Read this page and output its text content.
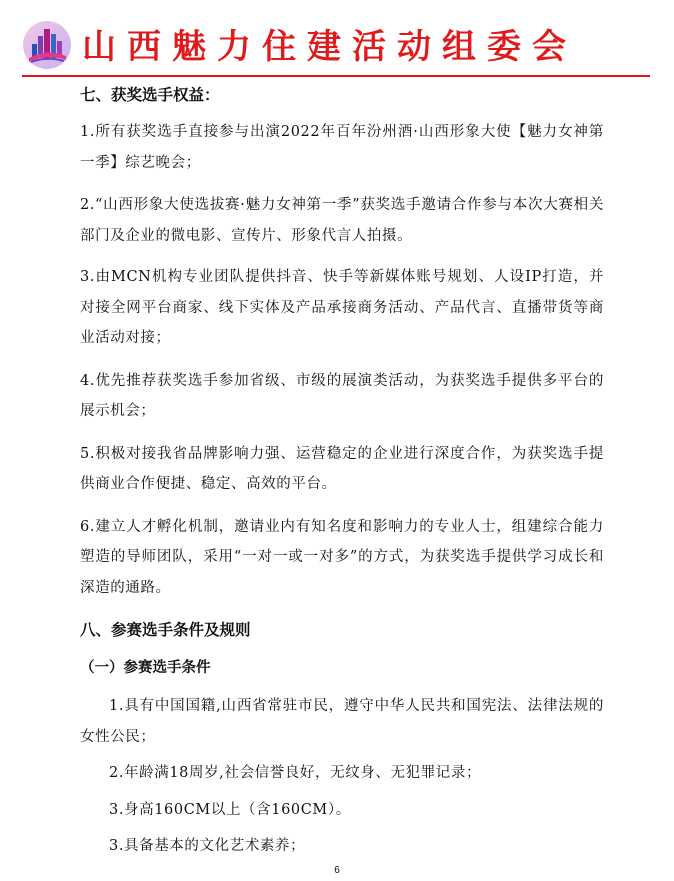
山西魅力住建活动组委会

七、获奖选手权益：

1.所有获奖选手直接参与出演2022年百年汾州酒·山西形象大使【魅力女神第一季】综艺晚会；

2.“山西形象大使选拔赛·魅力女神第一季”获奖选手邀请合作参与本次大赛相关部门及企业的微电影、宣传片、形象代言人拍摄。

3.由MCN机构专业团队提供抖音、快手等新媒体账号规划、人设IP打造，并对接全网平台商家、线下实体及产品承接商务活动、产品代言、直播带货等商业活动对接；

4.优先推荐获奖选手参加省级、市级的展演类活动，为获奖选手提供多平台的展示机会；

5.积极对接我省品牌影响力强、运营稳定的企业进行深度合作，为获奖选手提供商业合作便捷、稳定、高效的平台。

6.建立人才孵化机制，邀请业内有知名度和影响力的专业人士，组建综合能力塑造的导师团队，采用“一对一或一对多”的方式，为获奖选手提供学习成长和深造的通路。

八、参赛选手条件及规则

（一）参赛选手条件

1.具有中国国籍,山西省常驻市民，遵守中华人民共和国宪法、法律法规的女性公民；

2.年龄满18周岁,社会信誉良好，无纹身、无犯罪记录；

3.身高160CM以上（含160CM）。

3.具备基本的文化艺术素养；

6
